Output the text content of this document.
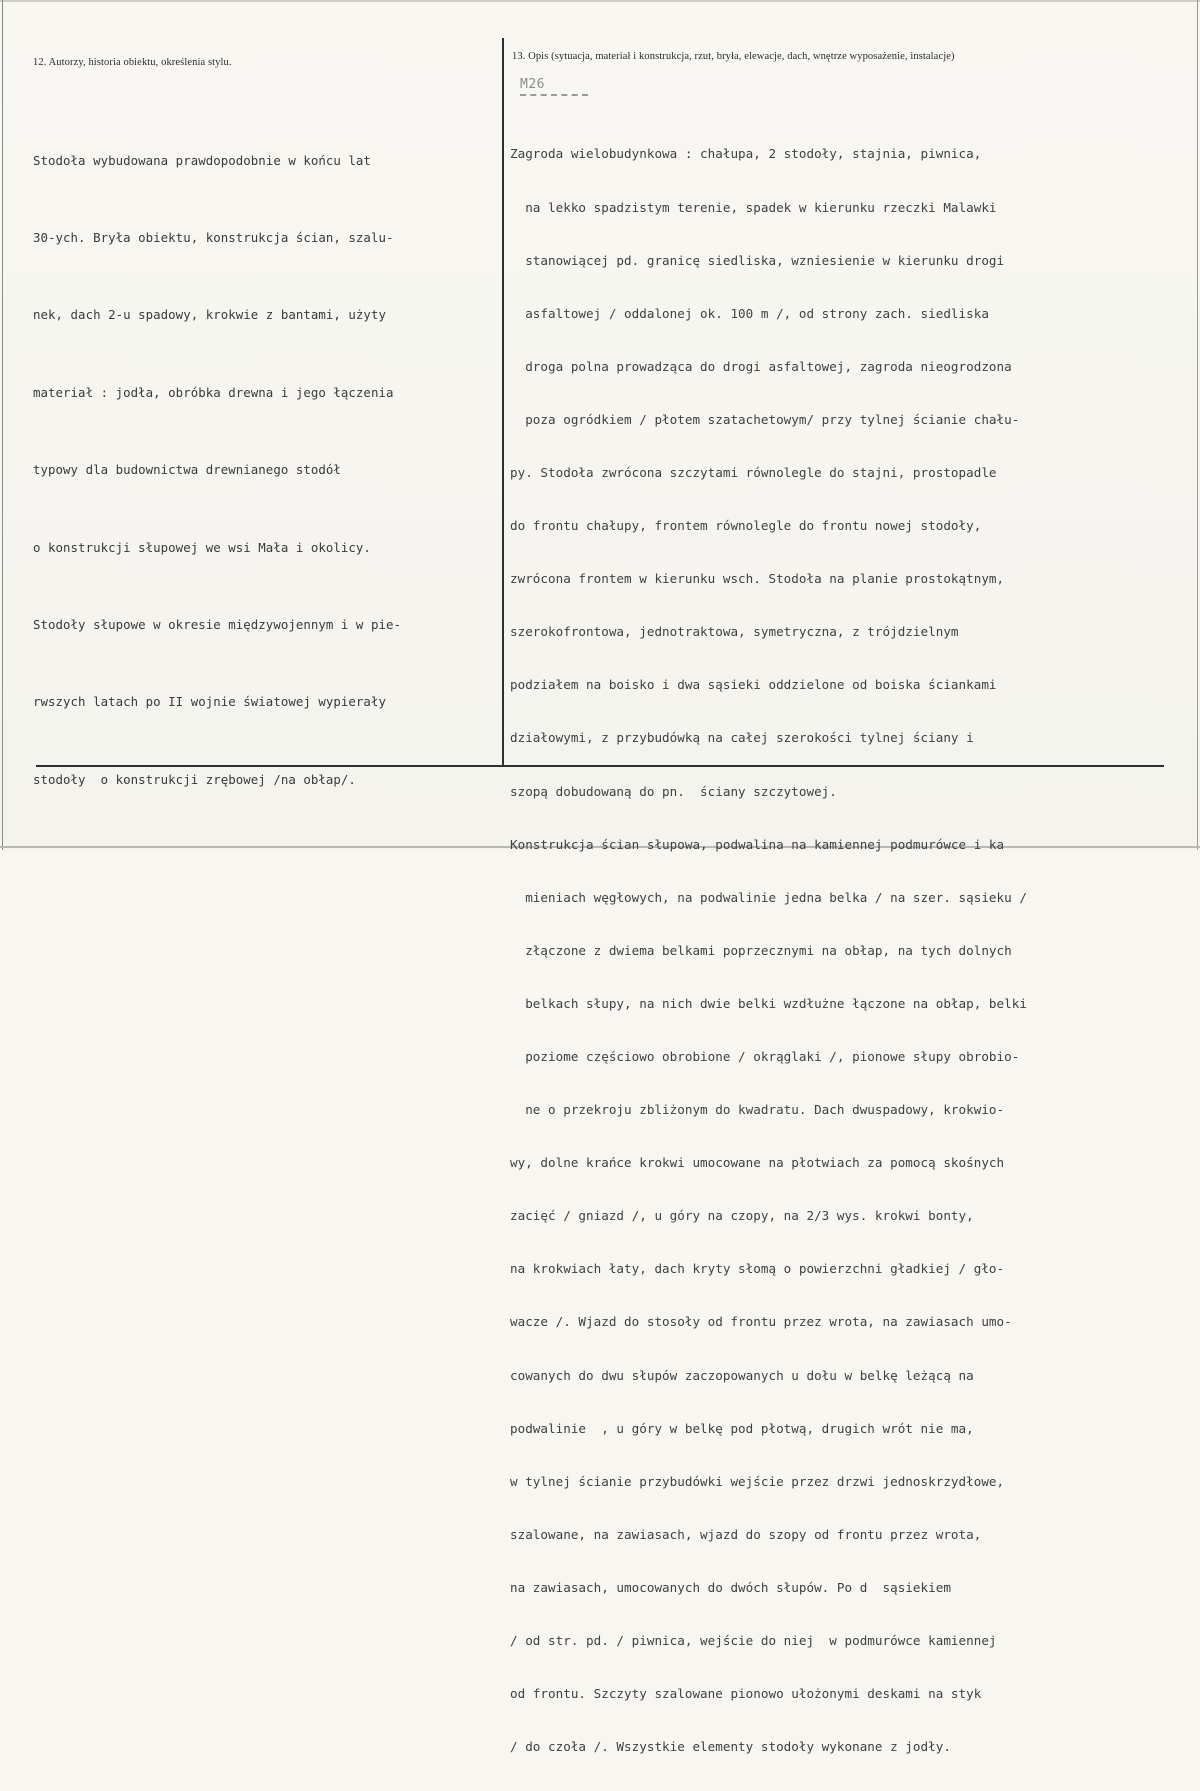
12. Autorzy, historia obiektu, określenia stylu.
13. Opis (sytuacja, materiał i konstrukcja, rzut, bryła, elewacje, dach, wnętrze wyposażenie, instalacje)
M26

Stodoła wybudowana prawdopodobnie w końcu lat

30-ych. Bryła obiektu, konstrukcja ścian, szalu-

nek, dach 2-u spadowy, krokwie z bantami, użyty

materiał : jodła, obróbka drewna i jego łączenia

typowy dla budownictwa drewnianego stodół

o konstrukcji słupowej we wsi Mała i okolicy.

Stodoły słupowe w okresie międzywojennym i w pie-

rwszych latach po II wojnie światowej wypierały

stodoły  o konstrukcji zrębowej /na obłap/.

Zagroda wielobudynkowa : chałupa, 2 stodoły, stajnia, piwnica,

na lekko spadzistym terenie, spadek w kierunku rzeczki Malawki

stanowiącej pd. granicę siedliska, wzniesienie w kierunku drogi

asfaltowej / oddalonej ok. 100 m /, od strony zach. siedliska

droga polna prowadząca do drogi asfaltowej, zagroda nieogrodzona

poza ogródkiem / płotem szatachetowym/ przy tylnej ścianie chału-

py. Stodoła zwrócona szczytami równolegle do stajni, prostopadle

do frontu chałupy, frontem równolegle do frontu nowej stodoły,

zwrócona frontem w kierunku wsch. Stodoła na planie prostokątnym,

szerokofrontowa, jednotraktowa, symetryczna, z trójdzielnym

podziałem na boisko i dwa sąsieki oddzielone od boiska ściankami

działowymi, z przybudówką na całej szerokości tylnej ściany i

szopą dobudowaną do pn.  ściany szczytowej.

Konstrukcja ścian słupowa, podwalina na kamiennej podmurówce i ka

mieniach węgłowych, na podwalinie jedna belka / na szer. sąsieku /

złączone z dwiema belkami poprzecznymi na obłap, na tych dolnych

belkach słupy, na nich dwie belki wzdłużne łączone na obłap, belki

poziome częściowo obrobione / okrąglaki /, pionowe słupy obrobio-

ne o przekroju zbliżonym do kwadratu. Dach dwuspadowy, krokwio-

wy, dolne krańce krokwi umocowane na płotwiach za pomocą skośnych

zacięć / gniazd /, u góry na czopy, na 2/3 wys. krokwi bonty,

na krokwiach łaty, dach kryty słomą o powierzchni gładkiej / gło-

wacze /. Wjazd do stosoły od frontu przez wrota, na zawiasach umo-

cowanych do dwu słupów zaczopowanych u dołu w belkę leżącą na

podwalinie  , u góry w belkę pod płotwą, drugich wrót nie ma,

w tylnej ścianie przybudówki wejście przez drzwi jednoskrzydłowe,

szalowane, na zawiasach, wjazd do szopy od frontu przez wrota,

na zawiasach, umocowanych do dwóch słupów. Po d  sąsiekiem

/ od str. pd. / piwnica, wejście do niej  w podmurówce kamiennej

od frontu. Szczyty szalowane pionowo ułożonymi deskami na styk

/ do czoła /. Wszystkie elementy stodoły wykonane z jodły.
